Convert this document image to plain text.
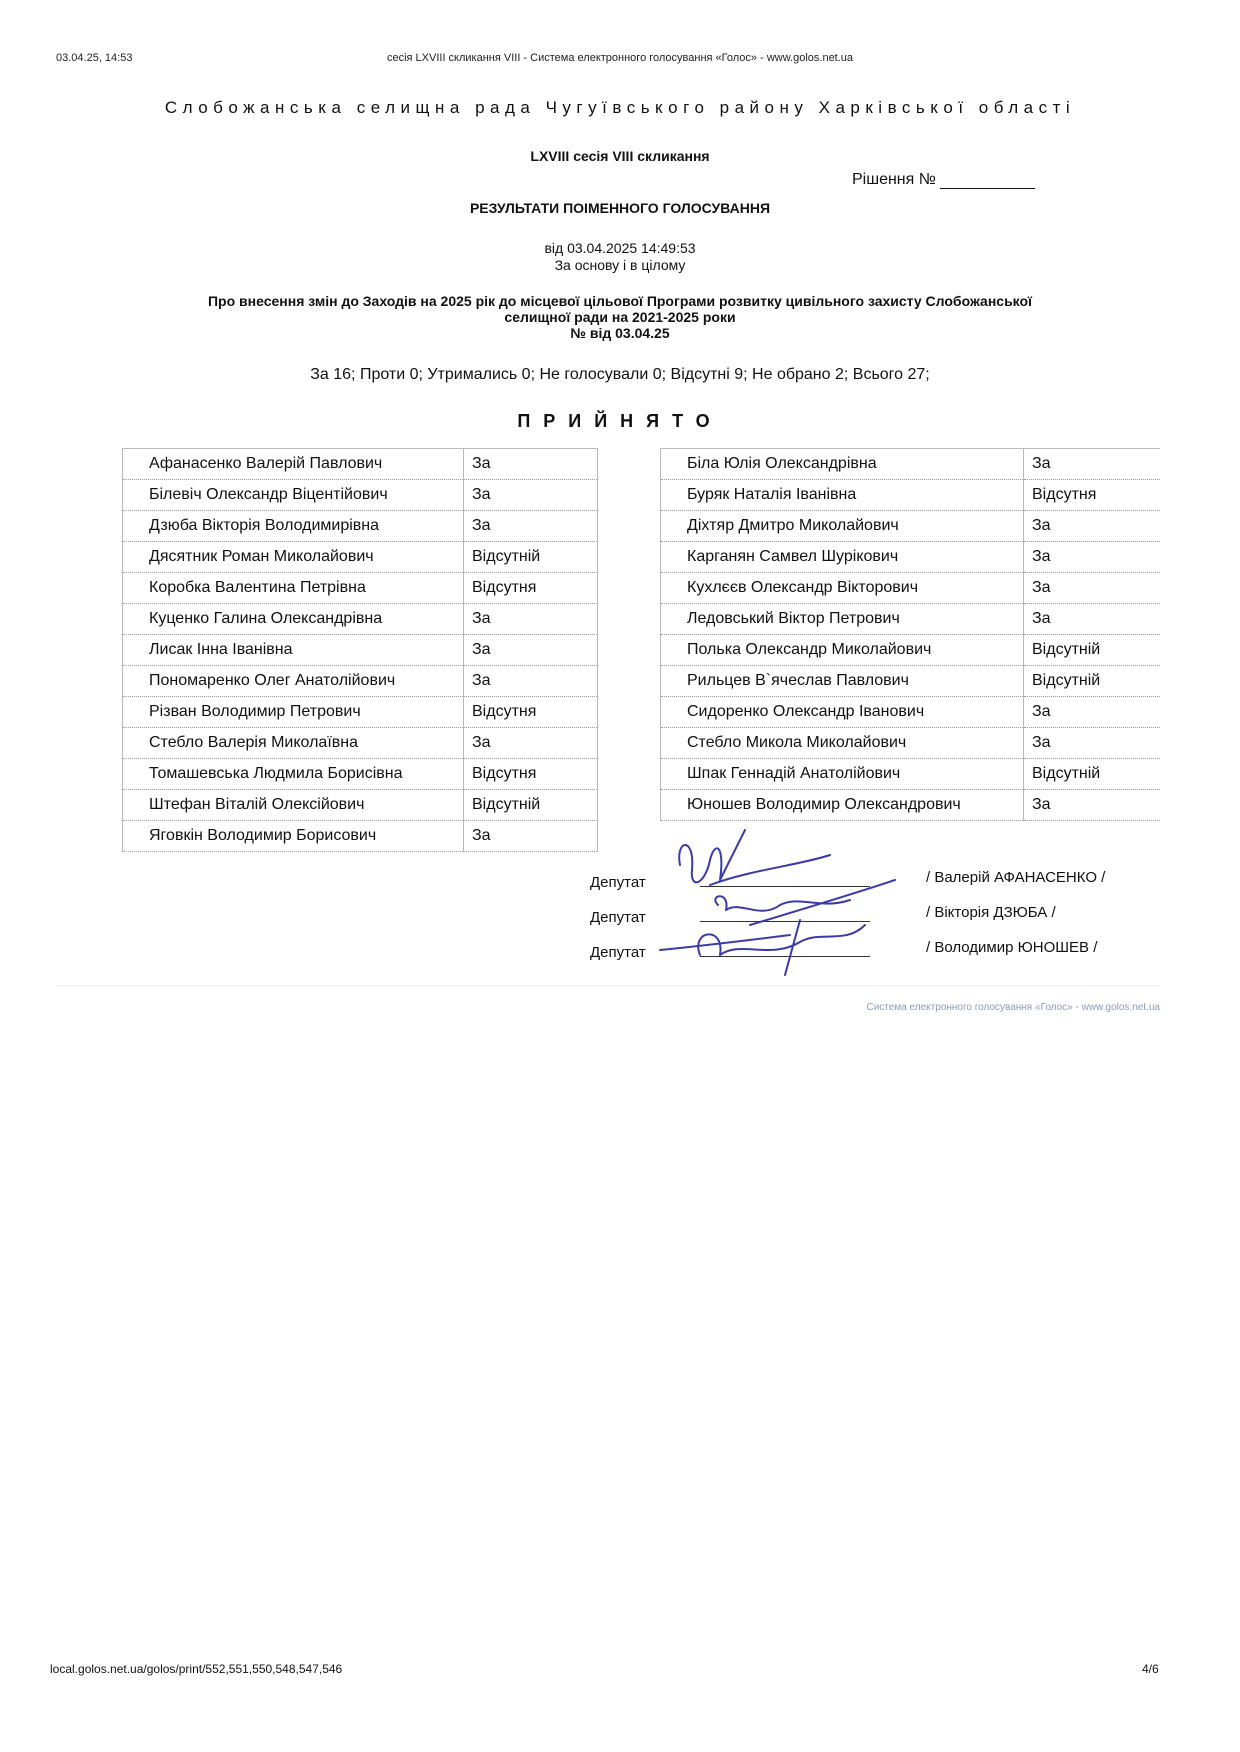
03.04.25, 14:53	сесія LXVIII скликання VIII - Система електронного голосування «Голос» - www.golos.net.ua
Слобожанська селищна рада Чугуївського району Харківської області
LXVIII сесія VIII скликання
Рішення №
РЕЗУЛЬТАТИ ПОІМЕННОГО ГОЛОСУВАННЯ
від 03.04.2025 14:49:53
За основу і в цілому
Про внесення змін до Заходів на 2025 рік до місцевої цільової Програми розвитку цивільного захисту Слобожанської
селищної ради на 2021-2025 роки
№ від 03.04.25
За 16; Проти 0; Утримались 0; Не голосували 0; Відсутні 9; Не обрано 2; Всього 27;
ПРИЙНЯТО
Афанасенко Валерій Павлович	За
Білевіч Олександр Віцентійович	За
Дзюба Вікторія Володимирівна	За
Дясятник Роман Миколайович	Відсутній
Коробка Валентина Петрівна	Відсутня
Куценко Галина Олександрівна	За
Лисак Інна Іванівна	За
Пономаренко Олег Анатолійович	За
Різван Володимир Петрович	Відсутня
Стебло Валерія Миколаївна	За
Томашевська Людмила Борисівна	Відсутня
Штефан Віталій Олексійович	Відсутній
Яговкін Володимир Борисович	За
Біла Юлія Олександрівна	За
Буряк Наталія Іванівна	Відсутня
Діхтяр Дмитро Миколайович	За
Карганян Самвел Шурікович	За
Кухлєєв Олександр Вікторович	За
Ледовський Віктор Петрович	За
Полька Олександр Миколайович	Відсутній
Рильцев В`ячеслав Павлович	Відсутній
Сидоренко Олександр Іванович	За
Стебло Микола Миколайович	За
Шпак Геннадій Анатолійович	Відсутній
Юношев Володимир Олександрович	За
Депутат
Депутат
Депутат
/ Валерій АФАНАСЕНКО /
/ Вікторія ДЗЮБА /
/ Володимир ЮНОШЕВ /
Система електронного голосування «Голос» - www.golos.net.ua
local.golos.net.ua/golos/print/552,551,550,548,547,546	4/6
